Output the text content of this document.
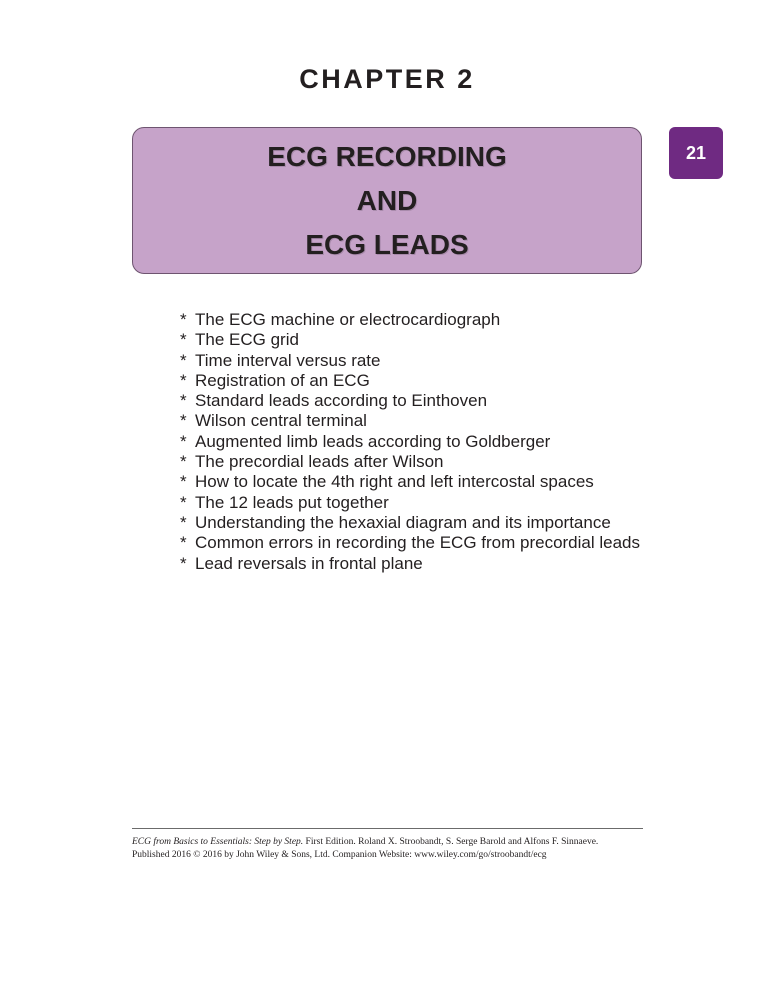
CHAPTER 2
ECG RECORDING
AND
ECG LEADS
21
* The ECG machine or electrocardiograph
* The ECG grid
* Time interval versus rate
* Registration of an ECG
* Standard leads according to Einthoven
* Wilson central terminal
* Augmented limb leads according to Goldberger
* The precordial leads after Wilson
* How to locate the 4th right and left intercostal spaces
* The 12 leads put together
* Understanding the hexaxial diagram and its importance
* Common errors in recording the ECG from precordial leads
* Lead reversals in frontal plane
ECG from Basics to Essentials: Step by Step. First Edition. Roland X. Stroobandt, S. Serge Barold and Alfons F. Sinnaeve.
Published 2016 © 2016 by John Wiley & Sons, Ltd. Companion Website: www.wiley.com/go/stroobandt/ecg
